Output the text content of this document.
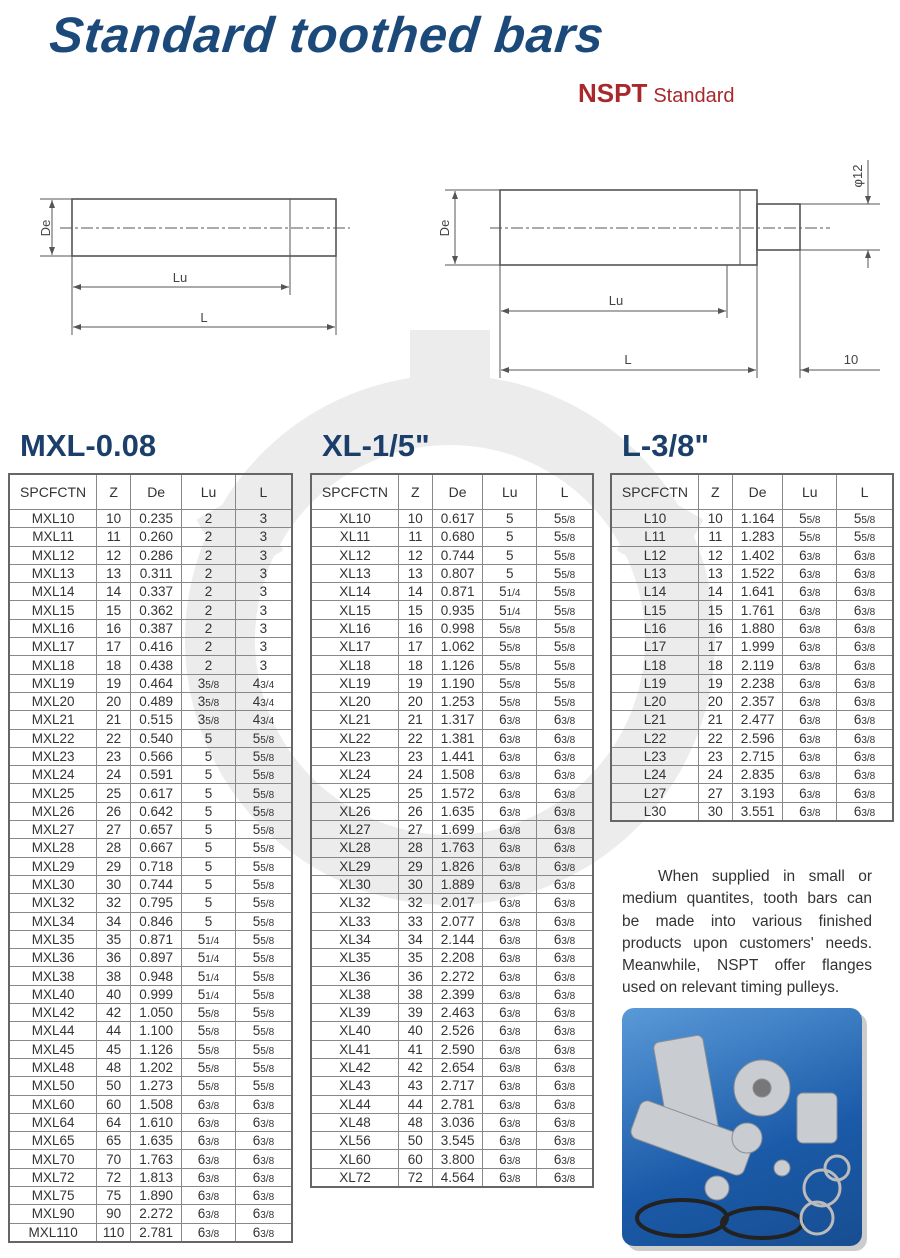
Standard toothed bars
NSPT Standard
De
Lu
L
De
φ12
Lu
L	10
MXL-0.08	XL-1/5"	L-3/8"
SPCFCTN	Z	De	Lu	L
MXL10	10	0.235	2	3
MXL11	11	0.260	2	3
MXL12	12	0.286	2	3
MXL13	13	0.311	2	3
MXL14	14	0.337	2	3
MXL15	15	0.362	2	3
MXL16	16	0.387	2	3
MXL17	17	0.416	2	3
MXL18	18	0.438	2	3
MXL19	19	0.464	35/8	43/4
MXL20	20	0.489	35/8	43/4
MXL21	21	0.515	35/8	43/4
MXL22	22	0.540	5	55/8
MXL23	23	0.566	5	55/8
MXL24	24	0.591	5	55/8
MXL25	25	0.617	5	55/8
MXL26	26	0.642	5	55/8
MXL27	27	0.657	5	55/8
MXL28	28	0.667	5	55/8
MXL29	29	0.718	5	55/8
MXL30	30	0.744	5	55/8
MXL32	32	0.795	5	55/8
MXL34	34	0.846	5	55/8
MXL35	35	0.871	51/4	55/8
MXL36	36	0.897	51/4	55/8
MXL38	38	0.948	51/4	55/8
MXL40	40	0.999	51/4	55/8
MXL42	42	1.050	55/8	55/8
MXL44	44	1.100	55/8	55/8
MXL45	45	1.126	55/8	55/8
MXL48	48	1.202	55/8	55/8
MXL50	50	1.273	55/8	55/8
MXL60	60	1.508	63/8	63/8
MXL64	64	1.610	63/8	63/8
MXL65	65	1.635	63/8	63/8
MXL70	70	1.763	63/8	63/8
MXL72	72	1.813	63/8	63/8
MXL75	75	1.890	63/8	63/8
MXL90	90	2.272	63/8	63/8
MXL110	110	2.781	63/8	63/8
SPCFCTN	Z	De	Lu	L
XL10	10	0.617	5	55/8
XL11	11	0.680	5	55/8
XL12	12	0.744	5	55/8
XL13	13	0.807	5	55/8
XL14	14	0.871	51/4	55/8
XL15	15	0.935	51/4	55/8
XL16	16	0.998	55/8	55/8
XL17	17	1.062	55/8	55/8
XL18	18	1.126	55/8	55/8
XL19	19	1.190	55/8	55/8
XL20	20	1.253	55/8	55/8
XL21	21	1.317	63/8	63/8
XL22	22	1.381	63/8	63/8
XL23	23	1.441	63/8	63/8
XL24	24	1.508	63/8	63/8
XL25	25	1.572	63/8	63/8
XL26	26	1.635	63/8	63/8
XL27	27	1.699	63/8	63/8
XL28	28	1.763	63/8	63/8
XL29	29	1.826	63/8	63/8
XL30	30	1.889	63/8	63/8
XL32	32	2.017	63/8	63/8
XL33	33	2.077	63/8	63/8
XL34	34	2.144	63/8	63/8
XL35	35	2.208	63/8	63/8
XL36	36	2.272	63/8	63/8
XL38	38	2.399	63/8	63/8
XL39	39	2.463	63/8	63/8
XL40	40	2.526	63/8	63/8
XL41	41	2.590	63/8	63/8
XL42	42	2.654	63/8	63/8
XL43	43	2.717	63/8	63/8
XL44	44	2.781	63/8	63/8
XL48	48	3.036	63/8	63/8
XL56	50	3.545	63/8	63/8
XL60	60	3.800	63/8	63/8
XL72	72	4.564	63/8	63/8
SPCFCTN	Z	De	Lu	L
L10	10	1.164	55/8	55/8
L11	11	1.283	55/8	55/8
L12	12	1.402	63/8	63/8
L13	13	1.522	63/8	63/8
L14	14	1.641	63/8	63/8
L15	15	1.761	63/8	63/8
L16	16	1.880	63/8	63/8
L17	17	1.999	63/8	63/8
L18	18	2.119	63/8	63/8
L19	19	2.238	63/8	63/8
L20	20	2.357	63/8	63/8
L21	21	2.477	63/8	63/8
L22	22	2.596	63/8	63/8
L23	23	2.715	63/8	63/8
L24	24	2.835	63/8	63/8
L27	27	3.193	63/8	63/8
L30	30	3.551	63/8	63/8
When supplied in small or medium quantites, tooth bars can be made into various finished products upon customers' needs. Meanwhile, NSPT offer flanges used on relevant timing pulleys.
